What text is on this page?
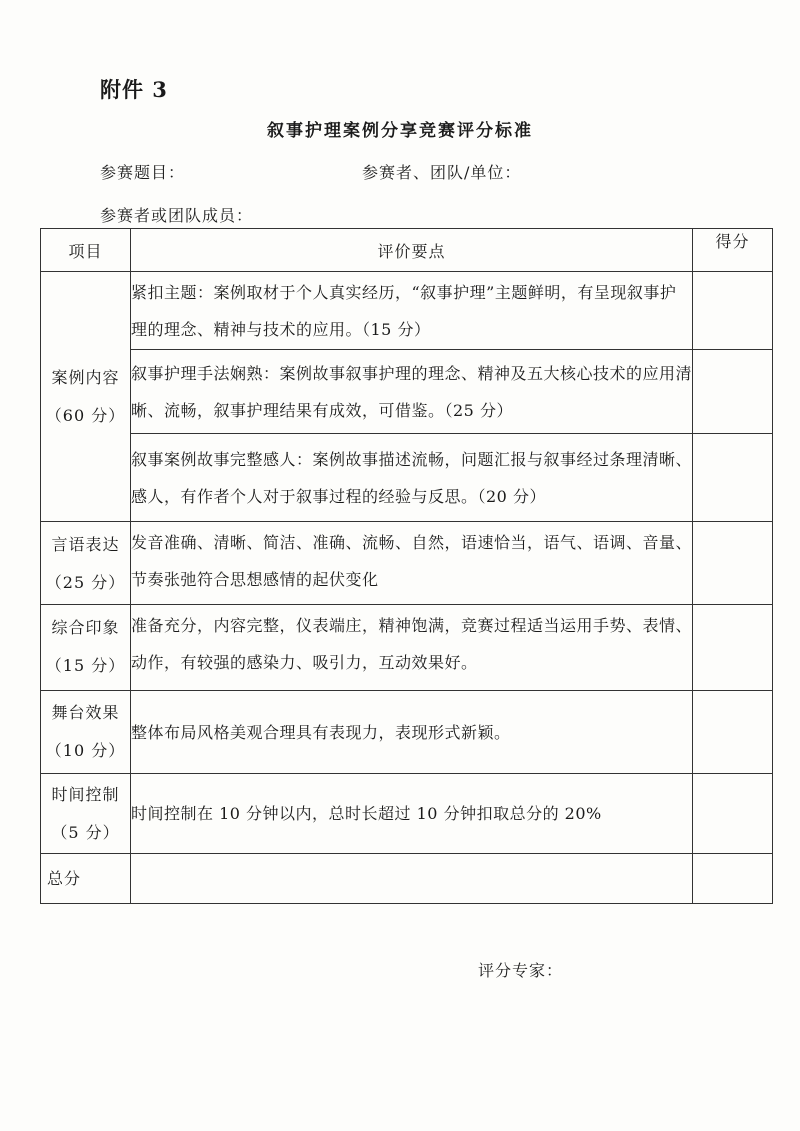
附件 3
叙事护理案例分享竞赛评分标准
参赛题目：	参赛者、团队/单位：
参赛者或团队成员：
项目	评价要点	得分

案例内容
（60 分）	紧扣主题：案例取材于个人真实经历，“叙事护理”主题鲜明，有呈现叙事护理的理念、精神与技术的应用。（15 分）	
	叙事护理手法娴熟：案例故事叙事护理的理念、精神及五大核心技术的应用清晰、流畅，叙事护理结果有成效，可借鉴。（25 分）	
	叙事案例故事完整感人：案例故事描述流畅，问题汇报与叙事经过条理清晰、感人，有作者个人对于叙事过程的经验与反思。（20 分）	

言语表达
（25 分）	发音准确、清晰、简洁、准确、流畅、自然，语速恰当，语气、语调、音量、节奏张弛符合思想感情的起伏变化	

综合印象
（15 分）	准备充分，内容完整，仪表端庄，精神饱满，竞赛过程适当运用手势、表情、动作，有较强的感染力、吸引力，互动效果好。	

舞台效果
（10 分）	整体布局风格美观合理具有表现力，表现形式新颖。	

时间控制
（5 分）	时间控制在 10 分钟以内，总时长超过 10 分钟扣取总分的 20%	
总分		
评分专家：
